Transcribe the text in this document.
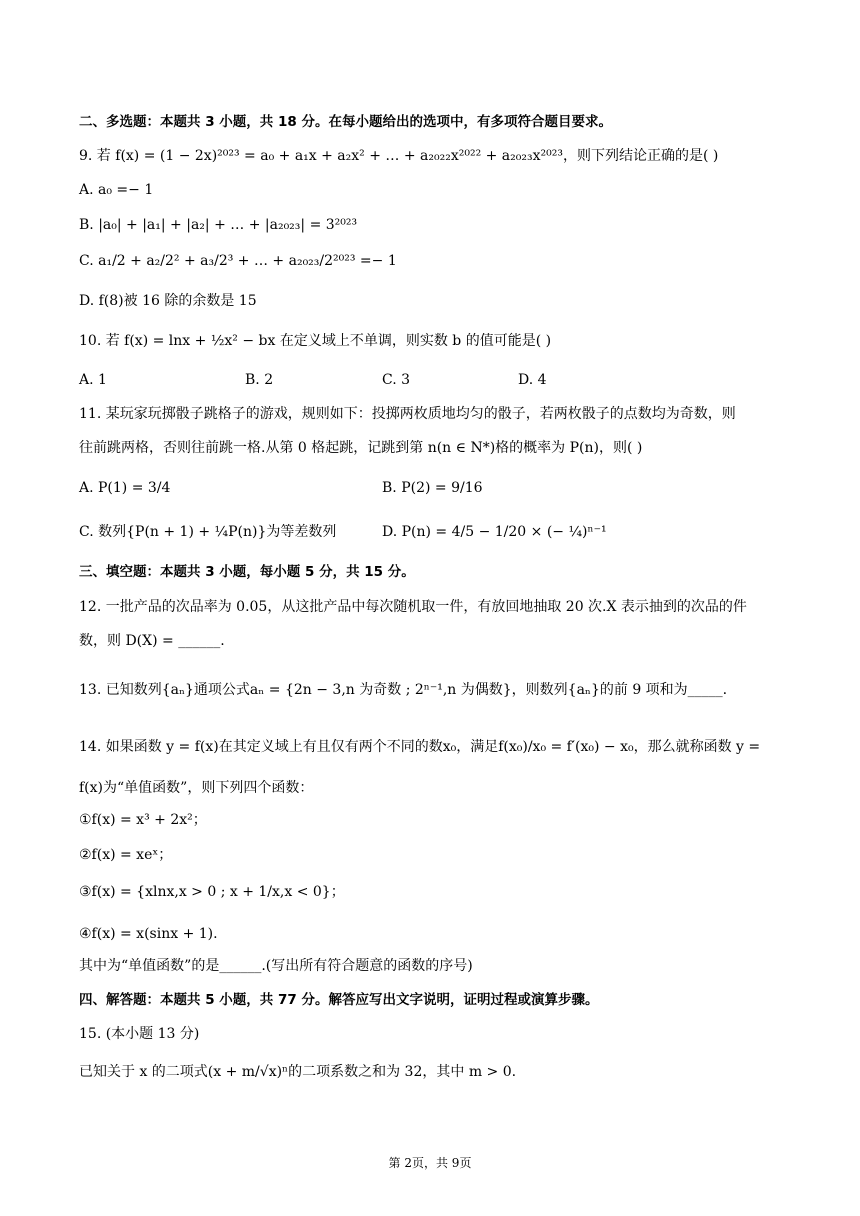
二、多选题：本题共 3 小题，共 18 分。在每小题给出的选项中，有多项符合题目要求。
9. 若 f(x) = (1 − 2x)²⁰²³ = a₀ + a₁x + a₂x² + … + a₂₀₂₂x²⁰²² + a₂₀₂₃x²⁰²³，则下列结论正确的是( )
A. a₀ =− 1
B. |a₀| + |a₁| + |a₂| + … + |a₂₀₂₃| = 3²⁰²³
C. a₁/2 + a₂/2² + a₃/2³ + … + a₂₀₂₃/2²⁰²³ =− 1
D. f(8)被 16 除的余数是 15
10. 若 f(x) = lnx + ½x² − bx 在定义域上不单调，则实数 b 的值可能是( )
A. 1	B. 2	C. 3	D. 4
11. 某玩家玩掷骰子跳格子的游戏，规则如下：投掷两枚质地均匀的骰子，若两枚骰子的点数均为奇数，则
往前跳两格，否则往前跳一格.从第 0 格起跳，记跳到第 n(n ∈ N*)格的概率为 P(n)，则( )
A. P(1) = 3/4	B. P(2) = 9/16
C. 数列{P(n + 1) + ¼P(n)}为等差数列	D. P(n) = 4/5 − 1/20 × (− ¼)ⁿ⁻¹
三、填空题：本题共 3 小题，每小题 5 分，共 15 分。
12. 一批产品的次品率为 0.05，从这批产品中每次随机取一件，有放回地抽取 20 次.X 表示抽到的次品的件
数，则 D(X) = ______.
13. 已知数列{aₙ}通项公式aₙ = {2n − 3,n 为奇数 ; 2ⁿ⁻¹,n 为偶数}，则数列{aₙ}的前 9 项和为_____.
14. 如果函数 y = f(x)在其定义域上有且仅有两个不同的数x₀，满足f(x₀)/x₀ = f′(x₀) − x₀，那么就称函数 y =
f(x)为“单值函数”，则下列四个函数：
①f(x) = x³ + 2x²；
②f(x) = xeˣ；
③f(x) = {xlnx,x > 0 ; x + 1/x,x < 0}；
④f(x) = x(sinx + 1).
其中为“单值函数”的是______.(写出所有符合题意的函数的序号)
四、解答题：本题共 5 小题，共 77 分。解答应写出文字说明，证明过程或演算步骤。
15. (本小题 13 分)
已知关于 x 的二项式(x + m/√x)ⁿ的二项系数之和为 32，其中 m > 0.
第 2页，共 9页
